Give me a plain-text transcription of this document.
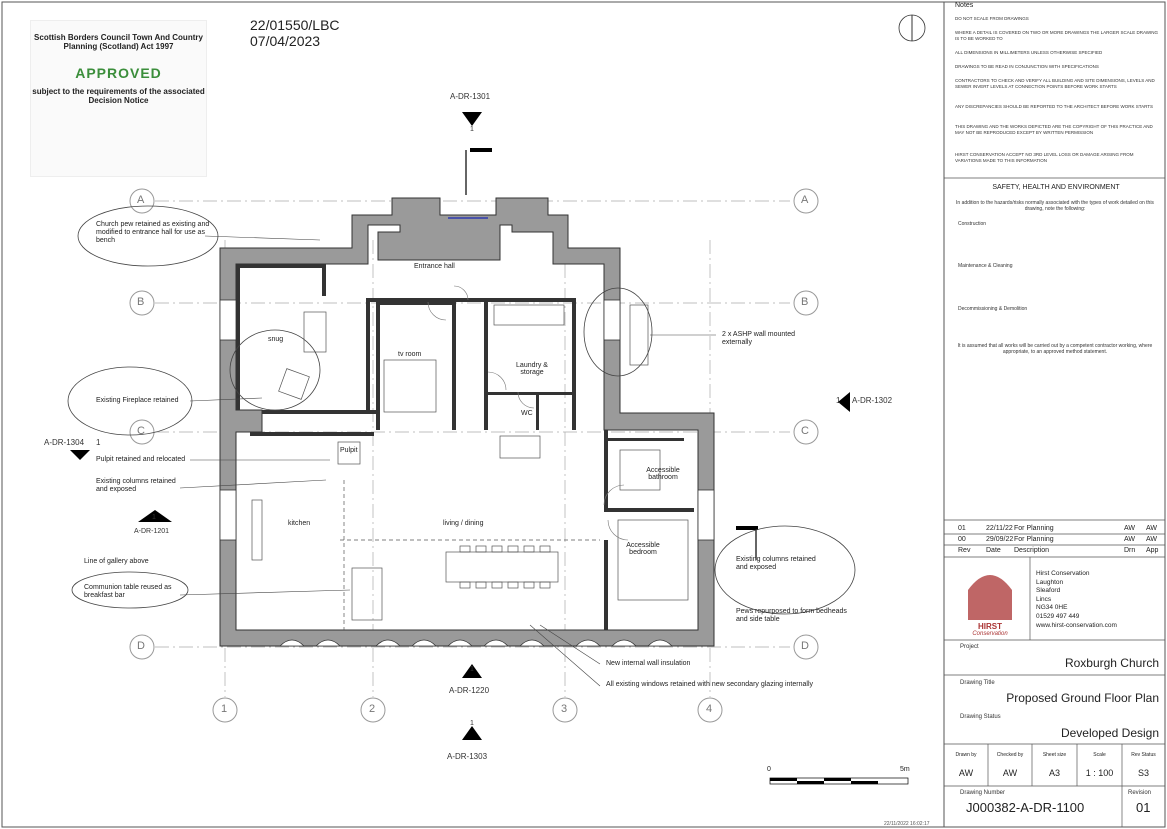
Scottish Borders Council Town And Country Planning (Scotland) Act 1997
APPROVED
subject to the requirements of the associated Decision Notice
22/01550/LBC
07/04/2023
A	A
B	B
C	C
D	D
1	2	3	4
A-DR-1301
1
A-DR-1302
1
A-DR-1304 1
A-DR-1220
1
A-DR-1303
1
A-DR-1201
1
Entrance hall
snug
tv room
Laundry & storage
WC
Pulpit
Accessible bathroom
kitchen	living / dining
Accessible bedroom
Church pew retained as existing and modified to entrance hall for use as bench
Existing Fireplace retained
Pulpit retained and relocated
Existing columns retained and exposed
Line of gallery above
Communion table reused as breakfast bar
2 x ASHP wall mounted externally
Existing columns retained and exposed
Pews repurposed to form bedheads and side table
New internal wall insulation
All existing windows retained with new secondary glazing internally
0	5m
Notes
DO NOT SCALE FROM DRAWINGS
WHERE A DETAIL IS COVERED ON TWO OR MORE DRAWINGS THE LARGER SCALE DRAWING IS TO BE WORKED TO
ALL DIMENSIONS IN MILLIMETERS UNLESS OTHERWISE SPECIFIED
DRAWINGS TO BE READ IN CONJUNCTION WITH SPECIFICATIONS
CONTRACTORS TO CHECK AND VERIFY ALL BUILDING AND SITE DIMENSIONS, LEVELS AND SEWER INVERT LEVELS AT CONNECTION POINTS BEFORE WORK STARTS
ANY DISCREPANCIES SHOULD BE REPORTED TO THE ARCHITECT BEFORE WORK STARTS
THIS DRAWING AND THE WORKS DEPICTED ARE THE COPYRIGHT OF THIS PRACTICE AND MAY NOT BE REPRODUCED EXCEPT BY WRITTEN PERMISSION
HIRST CONSERVATION ACCEPT NO 3RD LEVEL LOSS OR DAMAGE ARISING FROM VARIATIONS MADE TO THIS INFORMATION
SAFETY, HEALTH AND ENVIRONMENT
In addition to the hazards/risks normally associated with the types of work detailed on this drawing, note the following:
Construction
Maintenance & Cleaning
Decommissioning & Demolition
It is assumed that all works will be carried out by a competent contractor working, where appropriate, to an approved method statement.
01	22/11/22 For Planning	AW AW
00	29/09/22 For Planning	AW AW
Rev Date Description	Drn App
HIRST
Conservation
Hirst Conservation
Laughton
Sleaford
Lincs
NG34 0HE
01529 497 449
www.hirst-conservation.com
Project
Roxburgh Church
Drawing Title
Proposed Ground Floor Plan
Drawing Status
Developed Design
Drawn by
AW
Checked by
AW
Sheet size
A3
Scale
1 : 100
Rev Status
S3
Drawing Number
J000382-A-DR-1100
Revision
01
22/11/2022 16:02:17
